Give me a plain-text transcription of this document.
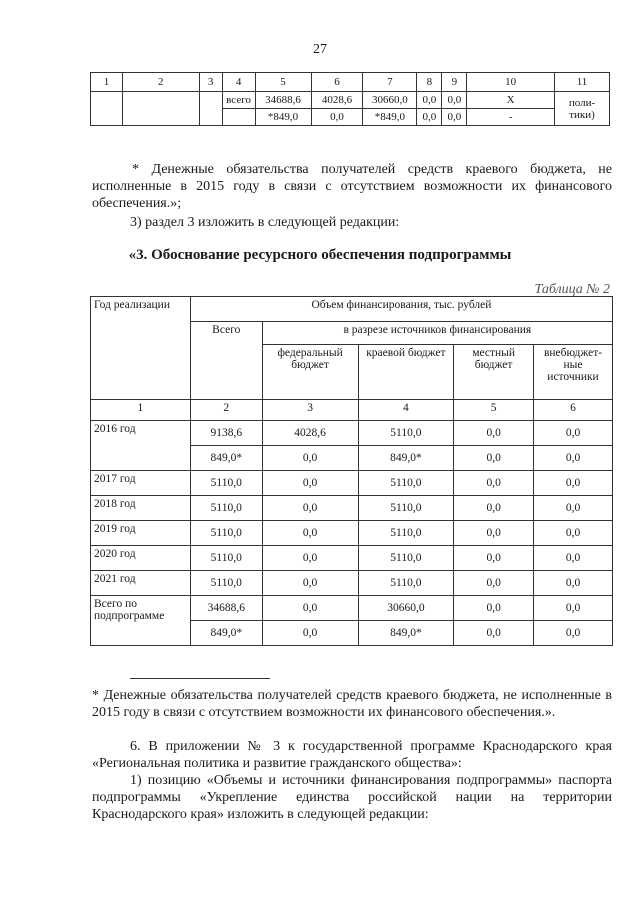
27
1	2	3	4	5	6	7	8	9	10	11
			всего	34688,6	4028,6	30660,0	0,0	0,0	X	поли-
тики)
				*849,0	0,0	*849,0	0,0	0,0	-	
* Денежные обязательства получателей средств краевого бюджета, не исполненные в 2015 году в связи с отсутствием возможности их финансового обеспечения.»;
3) раздел 3 изложить в следующей редакции:
«3. Обоснование ресурсного обеспечения подпрограммы
Таблица № 2
Год реализации	Объем финансирования, тыс. рублей				
	Всего	в разрезе источников финансирования			
		федеральный бюджет	краевой бюджет	местный бюджет	внебюджет-ные источники
1	2	3	4	5	6
2016 год	9138,6	4028,6	5110,0	0,0	0,0
	849,0*	0,0	849,0*	0,0	0,0
2017 год	5110,0	0,0	5110,0	0,0	0,0
2018 год	5110,0	0,0	5110,0	0,0	0,0
2019 год	5110,0	0,0	5110,0	0,0	0,0
2020 год	5110,0	0,0	5110,0	0,0	0,0
2021 год	5110,0	0,0	5110,0	0,0	0,0
Всего по подпрограмме	34688,6	0,0	30660,0	0,0	0,0
	849,0*	0,0	849,0*	0,0	0,0
* Денежные обязательства получателей средств краевого бюджета, не исполненные в 2015 году в связи с отсутствием возможности их финансового обеспечения.».
6. В приложении № 3 к государственной программе Краснодарского края «Региональная политика и развитие гражданского общества»:
1) позицию «Объемы и источники финансирования подпрограммы» паспорта подпрограммы «Укрепление единства российской нации на территории Краснодарского края» изложить в следующей редакции:
